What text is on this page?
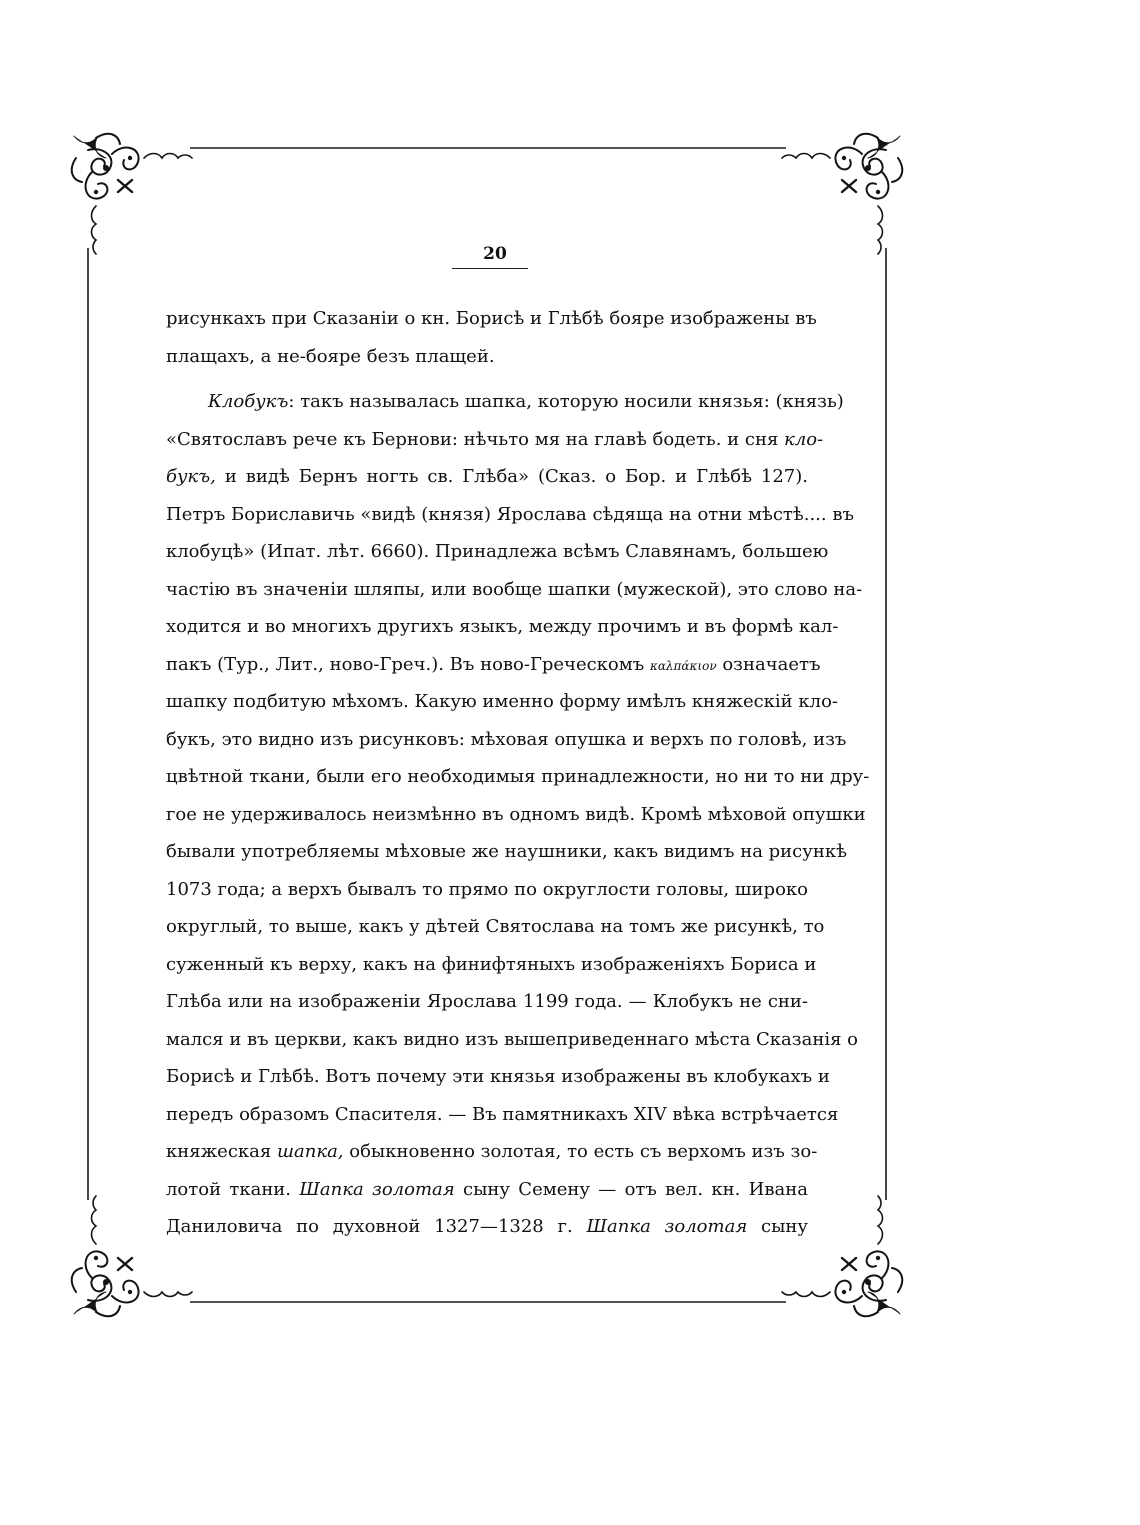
20
рисункахъ при Сказанiи о кн. Борисѣ и Глѣбѣ бояре изображены въ
плащахъ, а не-бояре безъ плащей.
Клобукъ: такъ называлась шапка, которую носили князья: (князь)
«Святославъ рече къ Бернови: нѣчьто мя на главѣ бодеть. и сня кло-
букъ, и видѣ Бернъ ногть св. Глѣба» (Сказ. о Бор. и Глѣбѣ 127).
Петръ Бориславичь «видѣ (князя) Ярослава сѣдяща на отни мѣстѣ.... въ
клобуцѣ» (Ипат. лѣт. 6660). Принадлежа всѣмъ Славянамъ, большею
частiю въ значенiи шляпы, или вообще шапки (мужеской), это слово на-
ходится и во многихъ другихъ языкъ, между прочимъ и въ формѣ кал-
пакъ (Тур., Лит., ново-Греч.). Въ ново-Греческомъ καλπάκιον означаетъ
шапку подбитую мѣхомъ. Какую именно форму имѣлъ княжескiй кло-
букъ, это видно изъ рисунковъ: мѣховая опушка и верхъ по головѣ, изъ
цвѣтной ткани, были его необходимыя принадлежности, но ни то ни дру-
гое не удерживалось неизмѣнно въ одномъ видѣ. Кромѣ мѣховой опушки
бывали употребляемы мѣховые же наушники, какъ видимъ на рисункѣ
1073 года; а верхъ бывалъ то прямо по округлости головы, широко
округлый, то выше, какъ у дѣтей Святослава на томъ же рисункѣ, то
суженный къ верху, какъ на финифтяныхъ изображенiяхъ Бориса и
Глѣба или на изображенiи Ярослава 1199 года. — Клобукъ не сни-
мался и въ церкви, какъ видно изъ вышеприведеннаго мѣста Сказанiя о
Борисѣ и Глѣбѣ. Вотъ почему эти князья изображены въ клобукахъ и
передъ образомъ Спасителя. — Въ памятникахъ XIV вѣка встрѣчается
княжеская шапка, обыкновенно золотая, то есть съ верхомъ изъ зо-
лотой ткани. Шапка золотая сыну Семену — отъ вел. кн. Ивана
Даниловича по духовной 1327—1328 г. Шапка золотая сыну
